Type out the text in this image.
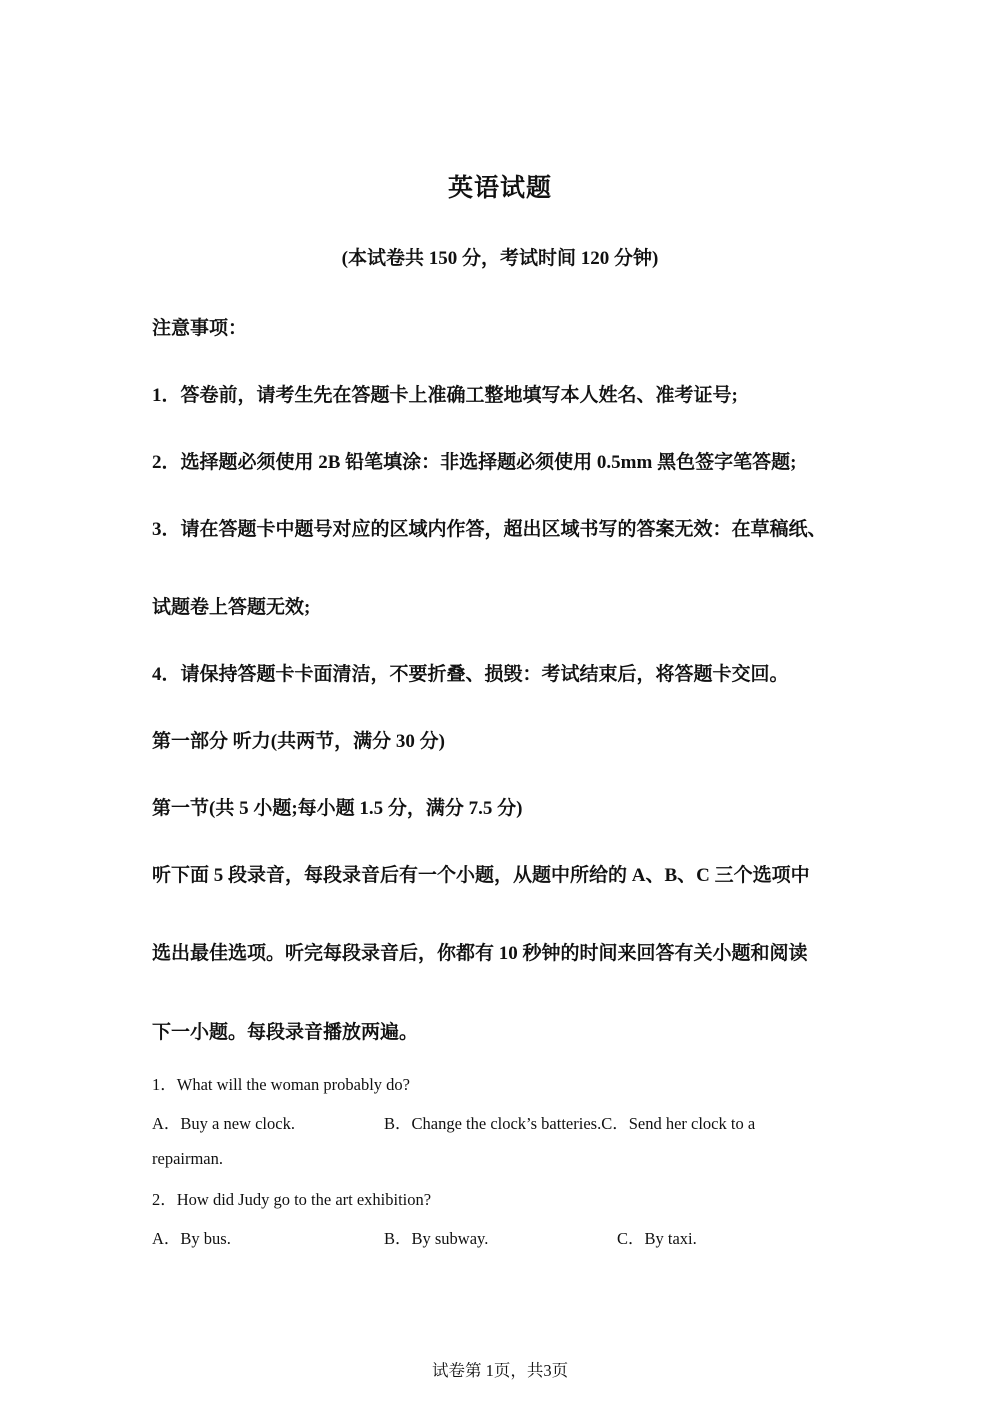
英语试题
(本试卷共 150 分，考试时间 120 分钟)
注意事项：
1．答卷前，请考生先在答题卡上准确工整地填写本人姓名、准考证号;
2．选择题必须使用 2B 铅笔填涂：非选择题必须使用 0.5mm 黑色签字笔答题;
3．请在答题卡中题号对应的区域内作答，超出区域书写的答案无效：在草稿纸、
试题卷上答题无效;
4．请保持答题卡卡面清洁，不要折叠、损毁：考试结束后，将答题卡交回。
第一部分 听力(共两节，满分 30 分)
第一节(共 5 小题;每小题 1.5 分，满分 7.5 分)
听下面 5 段录音，每段录音后有一个小题，从题中所给的 A、B、C 三个选项中
选出最佳选项。听完每段录音后，你都有 10 秒钟的时间来回答有关小题和阅读
下一小题。每段录音播放两遍。
1．What will the woman probably do?
A．Buy a new clock.	B．Change the clock’s batteries.C．Send her clock to a
repairman.
2．How did Judy go to the art exhibition?
A．By bus.	B．By subway.	C．By taxi.
试卷第 1页，共3页
